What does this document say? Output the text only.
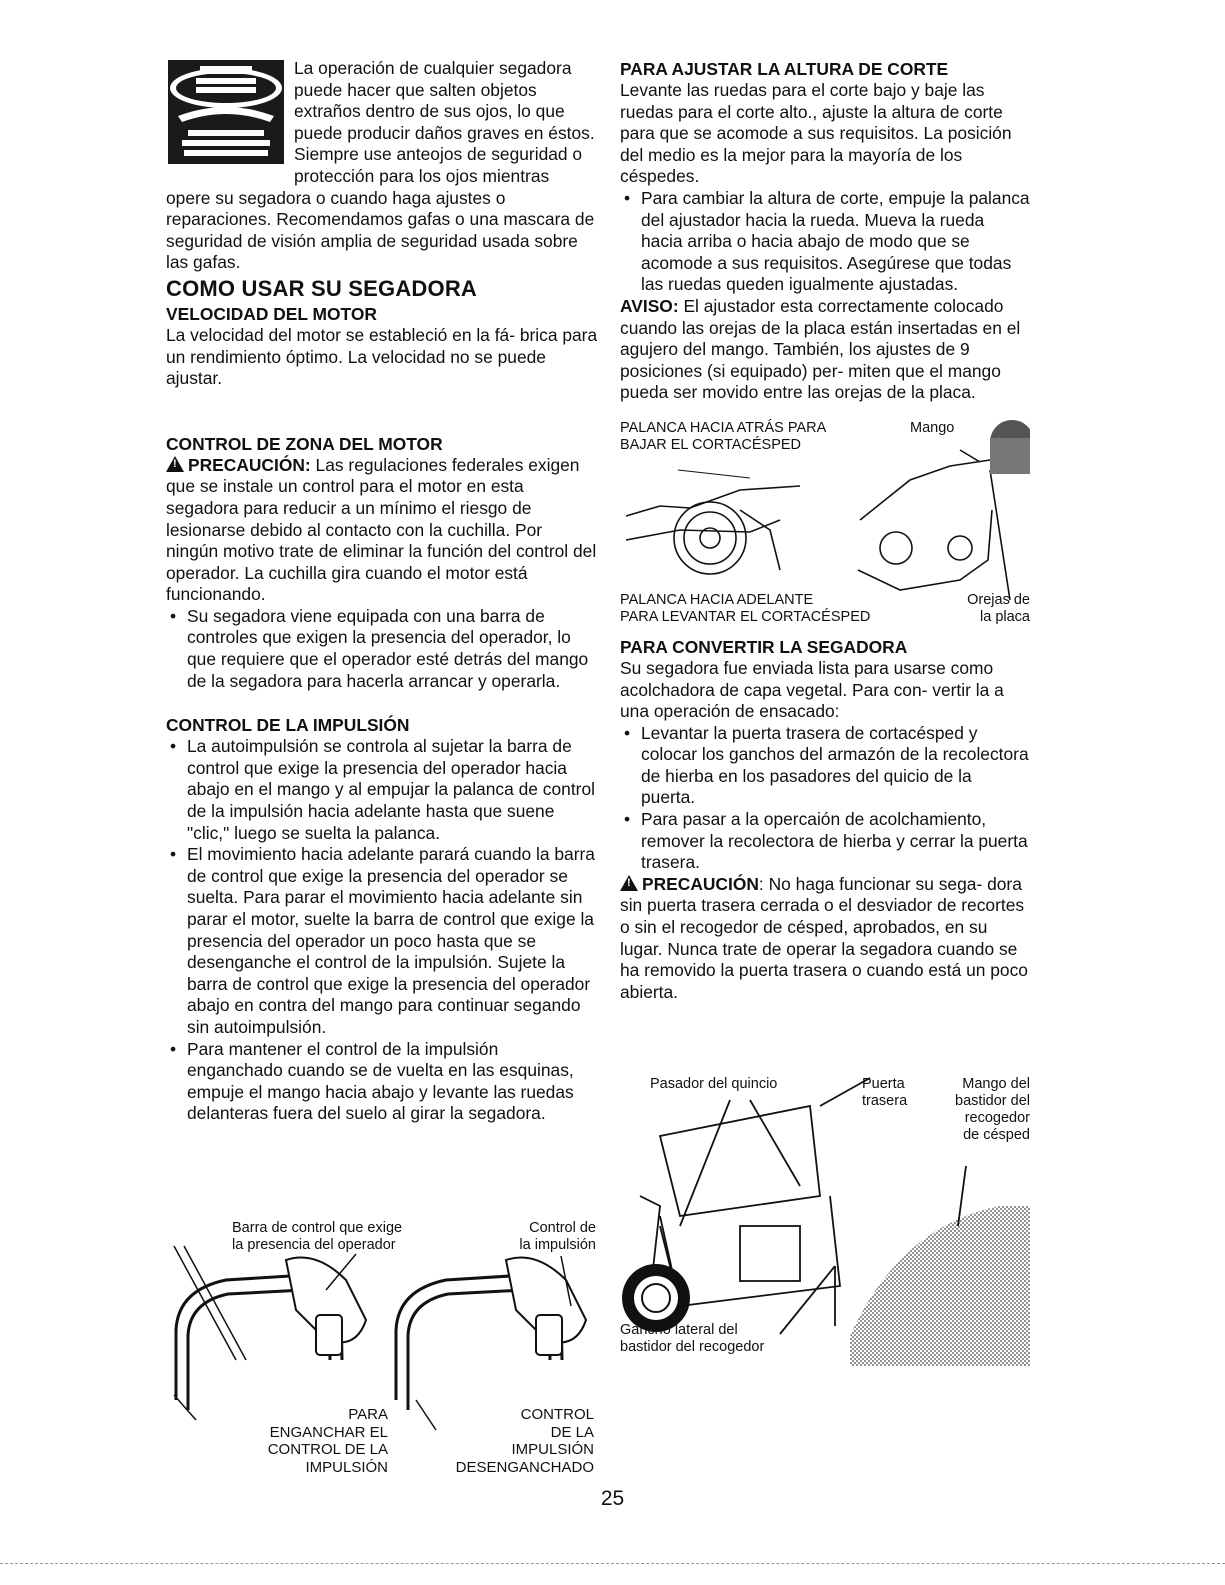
La operación de cualquier segadora puede hacer que salten objetos extraños dentro de sus ojos, lo que puede producir daños graves en éstos. Siempre use anteojos de seguridad o protección para los ojos mientras opere su segadora o cuando haga ajustes o reparaciones. Recomendamos gafas o una mascara de seguridad de visión amplia de seguridad usada sobre las gafas.

COMO USAR SU SEGADORA
VELOCIDAD DEL MOTOR

La velocidad del motor se estableció en la fá- brica para un rendimiento óptimo. La velocidad no se puede ajustar.

CONTROL DE ZONA DEL MOTOR

!PRECAUCIÓN: Las regulaciones federales exigen que se instale un control para el motor en esta segadora para reducir a un mínimo el riesgo de lesionarse debido al contacto con la cuchilla. Por ningún motivo trate de eliminar la función del control del operador. La cuchilla gira cuando el motor está funcionando.

• Su segadora viene equipada con una barra de controles que exigen la presencia del operador, lo que requiere que el operador esté detrás del mango de la segadora para hacerla arrancar y operarla.
CONTROL DE LA IMPULSIÓN
• La autoimpulsión se controla al sujetar la barra de control que exige la presencia del operador hacia abajo en el mango y al empujar la palanca de control de la impulsión hacia adelante hasta que suene "clic," luego se suelta la palanca.
• El movimiento hacia adelante parará cuando la barra de control que exige la presencia del operador se suelta. Para parar el movimiento hacia adelante sin parar el motor, suelte la barra de control que exige la presencia del operador un poco hasta que se desenganche el control de la impulsión. Sujete la barra de control que exige la presencia del operador abajo en contra del mango para continuar segando sin autoimpulsión.
• Para mantener el control de la impulsión enganchado cuando se de vuelta en las esquinas, empuje el mango hacia abajo y levante las ruedas delanteras fuera del suelo al girar la segadora.
Barra de control que exige
la presencia del operador
Control de
la impulsión
PARA
ENGANCHAR EL
CONTROL DE LA
IMPULSIÓN
CONTROL
DE LA
IMPULSIÓN
DESENGANCHADO
PARA AJUSTAR LA ALTURA DE CORTE

Levante las ruedas para el corte bajo y baje las ruedas para el corte alto., ajuste la altura de corte para que se acomode a sus requisitos. La posición del medio es la mejor para la mayoría de los céspedes.

• Para cambiar la altura de corte, empuje la palanca del ajustador hacia la rueda. Mueva la rueda hacia arriba o hacia abajo de modo que se acomode a sus requisitos. Asegúrese que todas las ruedas queden igualmente ajustadas.

AVISO: El ajustador esta correctamente colocado cuando las orejas de la placa están insertadas en el agujero del mango. También, los ajustes de 9 posiciones (si equipado) per- miten que el mango pueda ser movido entre las orejas de la placa.

PALANCA HACIA ATRÁS PARA
BAJAR EL CORTACÉSPED
Mango
PALANCA HACIA ADELANTE
PARA LEVANTAR EL CORTACÉSPED
Orejas de
la placa
PARA CONVERTIR LA SEGADORA

Su segadora fue enviada lista para usarse como acolchadora de capa vegetal. Para con- vertir la a una operación de ensacado:

• Levantar la puerta trasera de cortacésped y colocar los ganchos del armazón de la recolectora de hierba en los pasadores del quicio de la puerta.
• Para pasar a la opercaión de acolchamiento, remover la recolectora de hierba y cerrar la puerta trasera.

!PRECAUCIÓN: No haga funcionar su sega- dora sin puerta trasera cerrada o el desviador de recortes o sin el recogedor de césped, aprobados, en su lugar. Nunca trate de operar la segadora cuando se ha removido la puerta trasera o cuando está un poco abierta.

Pasador del quincio	Puerta
trasera
Mango del
bastidor del
recogedor
de césped
Gancho lateral del
bastidor del recogedor
25
